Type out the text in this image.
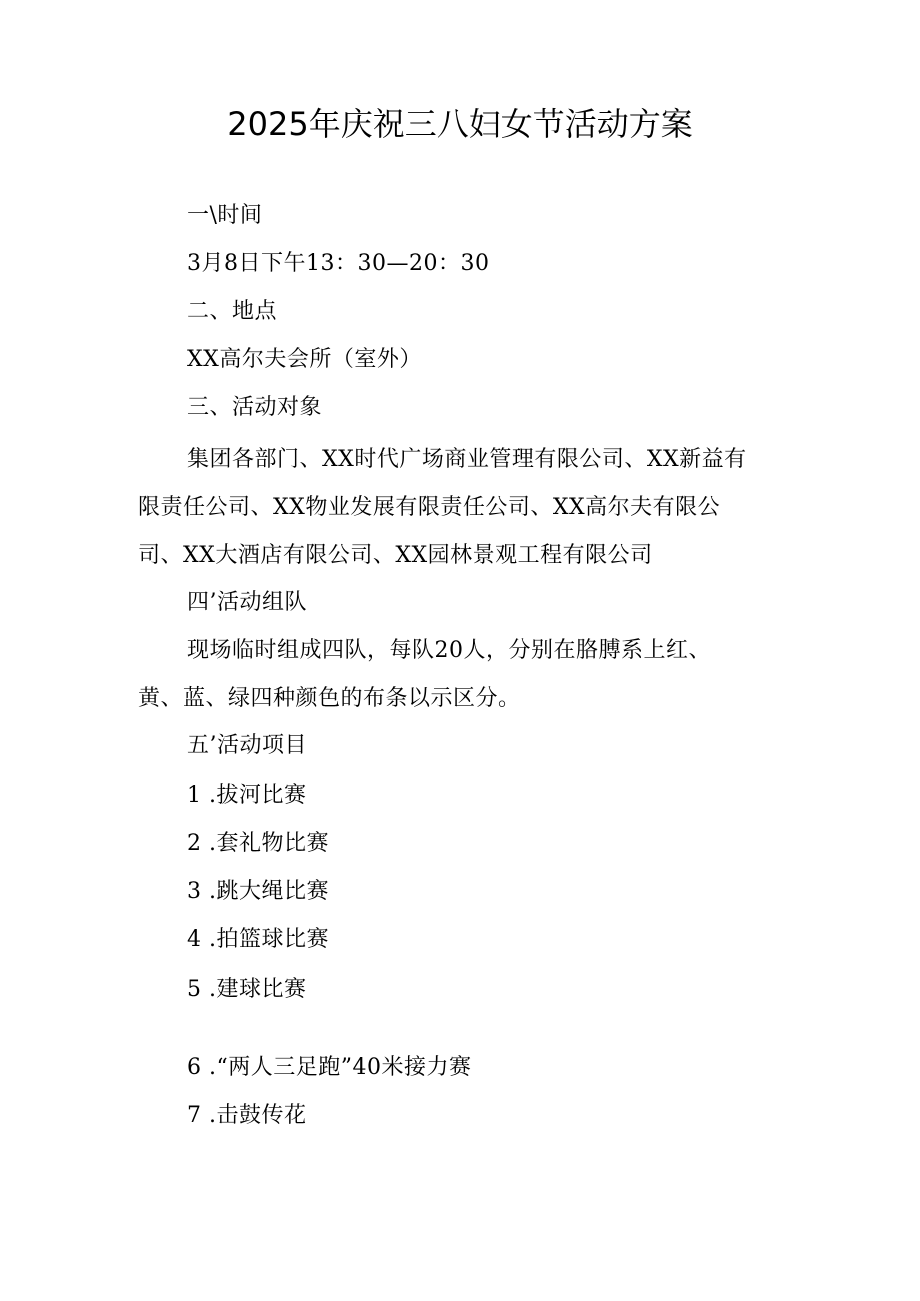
2025年庆祝三八妇女节活动方案
一\时间
3月8日下午13：30—20：30
二、地点
XX高尔夫会所（室外）
三、活动对象
集团各部门、XX时代广场商业管理有限公司、XX新益有
限责任公司、XX物业发展有限责任公司、XX高尔夫有限公
司、XX大酒店有限公司、XX园林景观工程有限公司
四’活动组队
现场临时组成四队，每队20人，分别在胳膊系上红、
黄、蓝、绿四种颜色的布条以示区分。
五’活动项目
1 .拔河比赛
2 .套礼物比赛
3 .跳大绳比赛
4 .拍篮球比赛
5 .建球比赛
6 .“两人三足跑”40米接力赛
7 .击鼓传花
